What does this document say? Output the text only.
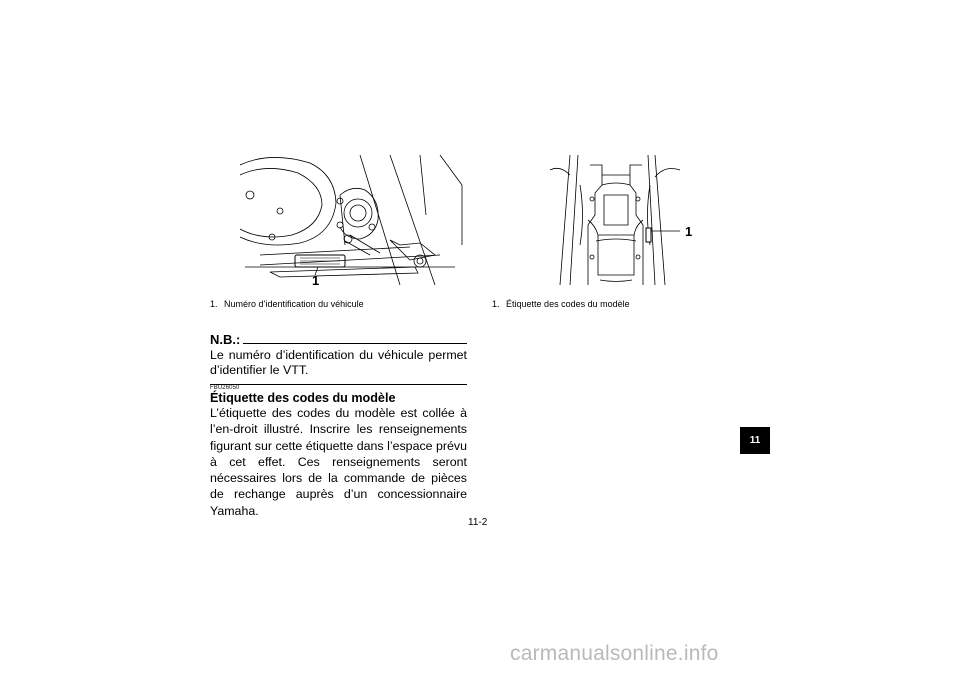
1
1. Numéro d’identification du véhicule
1
1. Étiquette des codes du modèle
N.B.:
Le numéro d’identification du véhicule permet d’identifier le VTT.
FBU26050
Étiquette des codes du modèle
L’étiquette des codes du modèle est collée à l’en-droit illustré. Inscrire les renseignements figurant sur cette étiquette dans l’espace prévu à cet effet. Ces renseignements seront nécessaires lors de la commande de pièces de rechange auprès d’un concessionnaire Yamaha.
11-2
11
carmanualsonline.info
